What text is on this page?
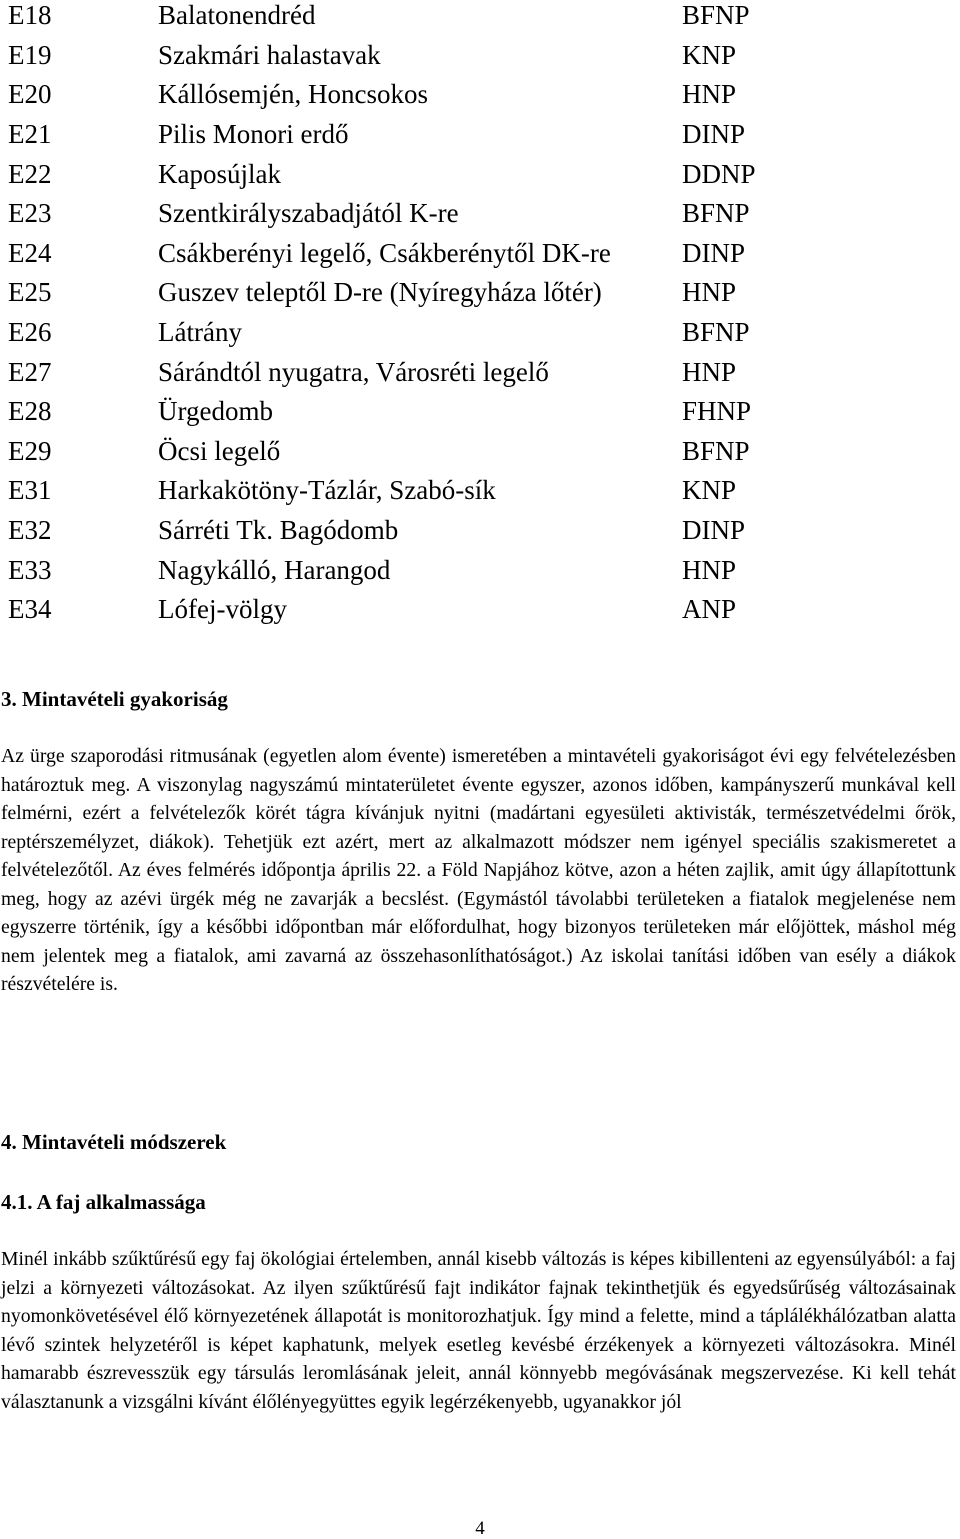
E18	Balatonendréd	BFNP
E19	Szakmári halastavak	KNP
E20	Kállósemjén, Honcsokos	HNP
E21	Pilis Monori erdő	DINP
E22	Kaposújlak	DDNP
E23	Szentkirályszabadjától K-re	BFNP
E24	Csákberényi legelő, Csákberénytől DK-re	DINP
E25	Guszev teleptől D-re (Nyíregyháza lőtér)	HNP
E26	Látrány	BFNP
E27	Sárándtól nyugatra, Városréti legelő	HNP
E28	Ürgedomb	FHNP
E29	Öcsi legelő	BFNP
E31	Harkakötöny-Tázlár, Szabó-sík	KNP
E32	Sárréti Tk. Bagódomb	DINP
E33	Nagykálló, Harangod	HNP
E34	Lófej-völgy	ANP

3. Mintavételi gyakoriság

Az ürge szaporodási ritmusának (egyetlen alom évente) ismeretében a mintavételi gyakoriságot évi egy felvételezésben határoztuk meg. A viszonylag nagyszámú mintaterületet évente egyszer, azonos időben, kampányszerű munkával kell felmérni, ezért a felvételezők körét tágra kívánjuk nyitni (madártani egyesületi aktivisták, természetvédelmi őrök, reptérszemélyzet, diákok). Tehetjük ezt azért, mert az alkalmazott módszer nem igényel speciális szakismeretet a felvételezőtől. Az éves felmérés időpontja április 22. a Föld Napjához kötve, azon a héten zajlik, amit úgy állapítottunk meg, hogy az azévi ürgék még ne zavarják a becslést. (Egymástól távolabbi területeken a fiatalok megjelenése nem egyszerre történik, így a későbbi időpontban már előfordulhat, hogy bizonyos területeken már előjöttek, máshol még nem jelentek meg a fiatalok, ami zavarná az összehasonlíthatóságot.) Az iskolai tanítási időben van esély a diákok részvételére is.

4. Mintavételi módszerek

4.1. A faj alkalmassága

Minél inkább szűktűrésű egy faj ökológiai értelemben, annál kisebb változás is képes kibillenteni az egyensúlyából: a faj jelzi a környezeti változásokat. Az ilyen szűktűrésű fajt indikátor fajnak tekinthetjük és egyedsűrűség változásainak nyomonkövetésével élő környezetének állapotát is monitorozhatjuk. Így mind a felette, mind a táplálékhálózatban alatta lévő szintek helyzetéről is képet kaphatunk, melyek esetleg kevésbé érzékenyek a környezeti változásokra. Minél hamarabb észrevesszük egy társulás leromlásának jeleit, annál könnyebb megóvásának megszervezése. Ki kell tehát választanunk a vizsgálni kívánt élőlényegyüttes egyik legérzékenyebb, ugyanakkor jól

4
